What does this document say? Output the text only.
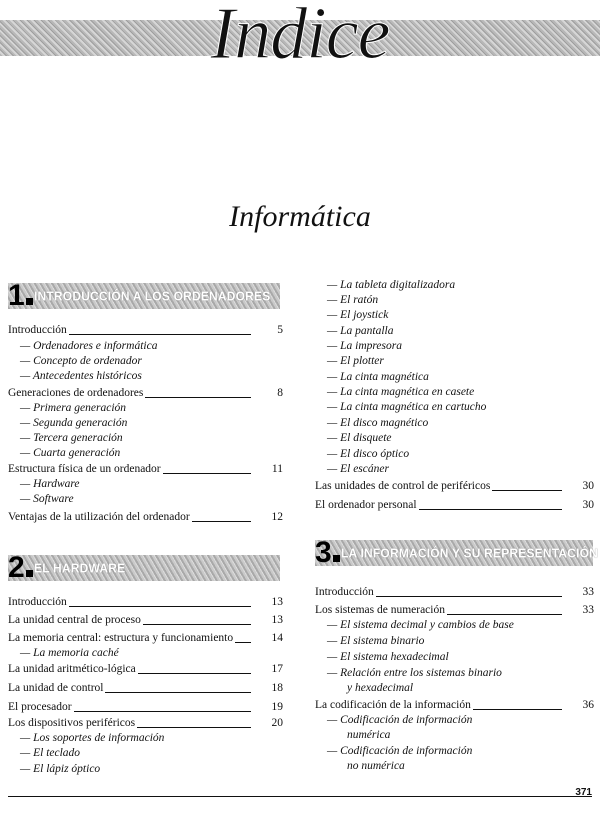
Indice
Informática
1 INTRODUCCIÓN A LOS ORDENADORES
Introducción	5
— Ordenadores e informática
— Concepto de ordenador
— Antecedentes históricos
Generaciones de ordenadores	8
— Primera generación
— Segunda generación
— Tercera generación
— Cuarta generación
Estructura física de un ordenador	11
— Hardware
— Software
Ventajas de la utilización del ordenador	12
2 EL HARDWARE
Introducción	13
La unidad central de proceso	13
La memoria central: estructura y funcionamiento	14
— La memoria caché
La unidad aritmético-lógica	17
La unidad de control	18
El procesador	19
Los dispositivos periféricos	20
— Los soportes de información
— El teclado
— El lápiz óptico
— La tableta digitalizadora
— El ratón
— El joystick
— La pantalla
— La impresora
— El plotter
— La cinta magnética
— La cinta magnética en casete
— La cinta magnética en cartucho
— El disco magnético
— El disquete
— El disco óptico
— El escáner
Las unidades de control de periféricos	30
El ordenador personal	30
3 LA INFORMACIÓN Y SU REPRESENTACIÓN
Introducción	33
Los sistemas de numeración	33
— El sistema decimal y cambios de base
— El sistema binario
— El sistema hexadecimal
— Relación entre los sistemas binario
y hexadecimal
La codificación de la información	36
— Codificación de información
numérica
— Codificación de información
no numérica
371
